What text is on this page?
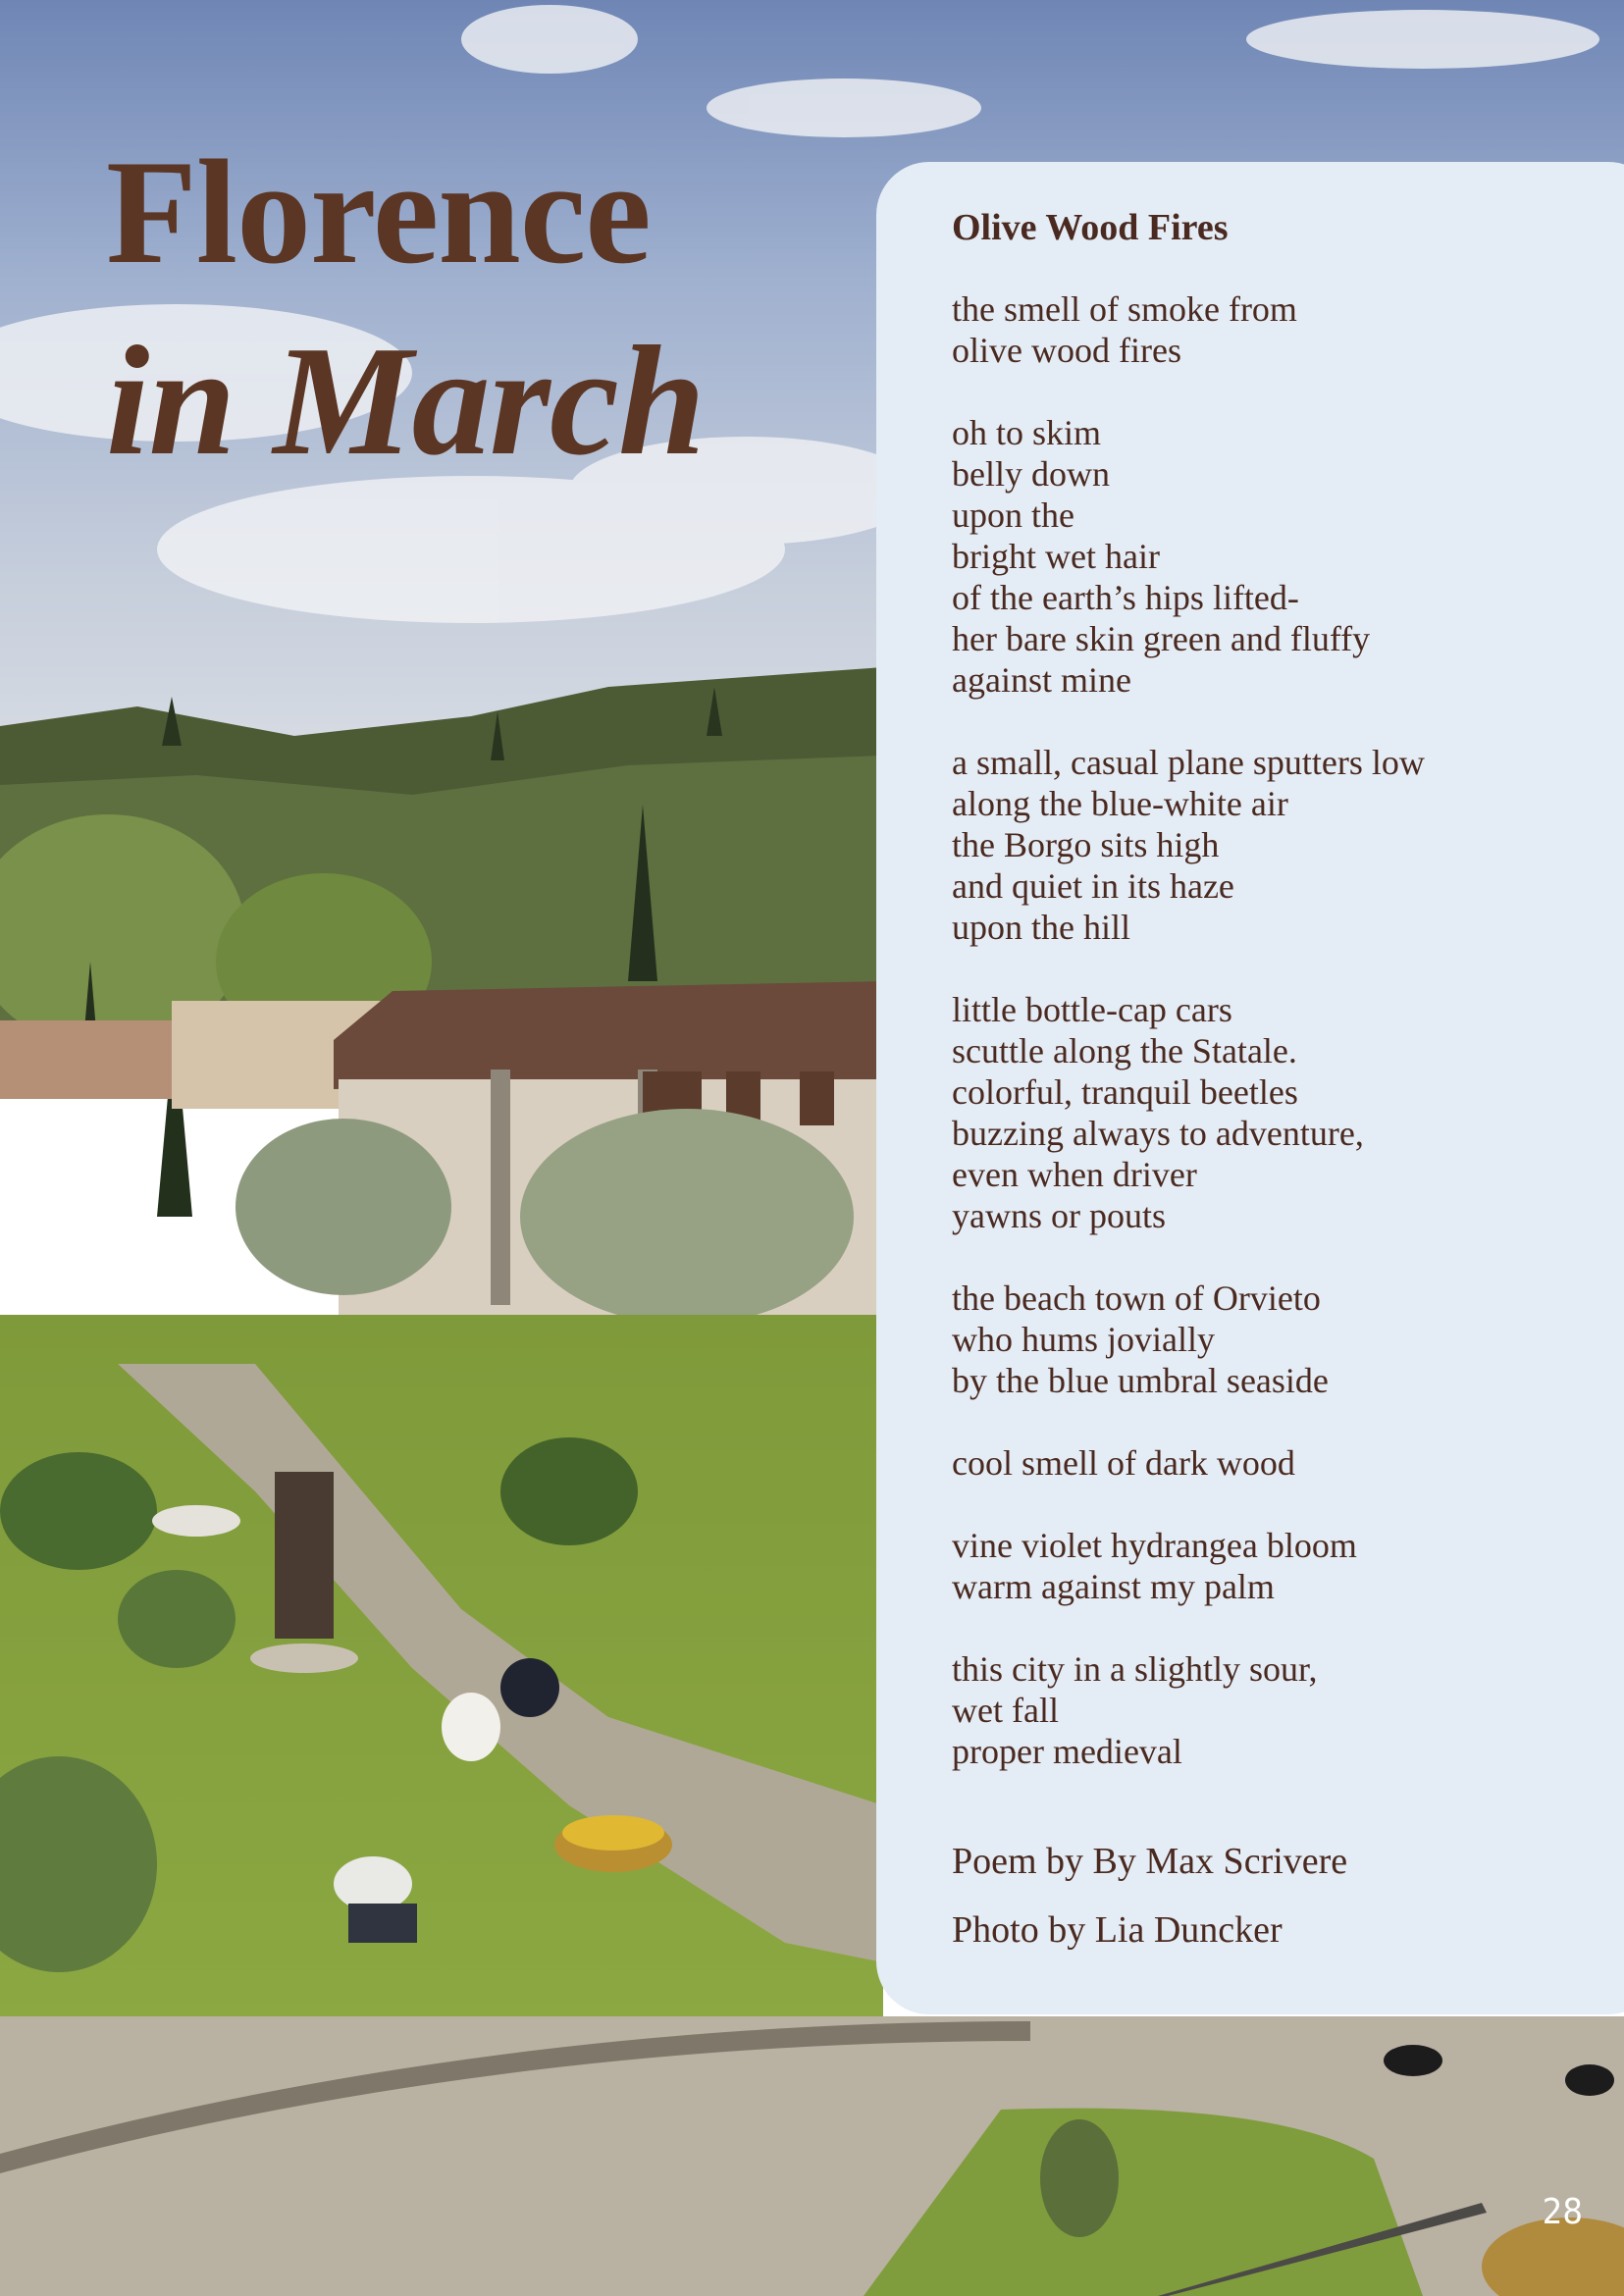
Florence
in March
Olive Wood Fires

the smell of smoke from
olive wood fires

oh to skim
belly down
upon the
bright wet hair
of the earth’s hips lifted-
her bare skin green and fluffy
against mine

a small, casual plane sputters low
along the blue-white air
the Borgo sits high
and quiet in its haze
upon the hill

little bottle-cap cars
scuttle along the Statale.
colorful, tranquil beetles
buzzing always to adventure,
even when driver
yawns or pouts

the beach town of Orvieto
who hums jovially
by the blue umbral seaside

cool smell of dark wood

vine violet hydrangea bloom
warm against my palm

this city in a slightly sour,
wet fall
proper medieval

Poem by By Max Scrivere

Photo by Lia Duncker

28
